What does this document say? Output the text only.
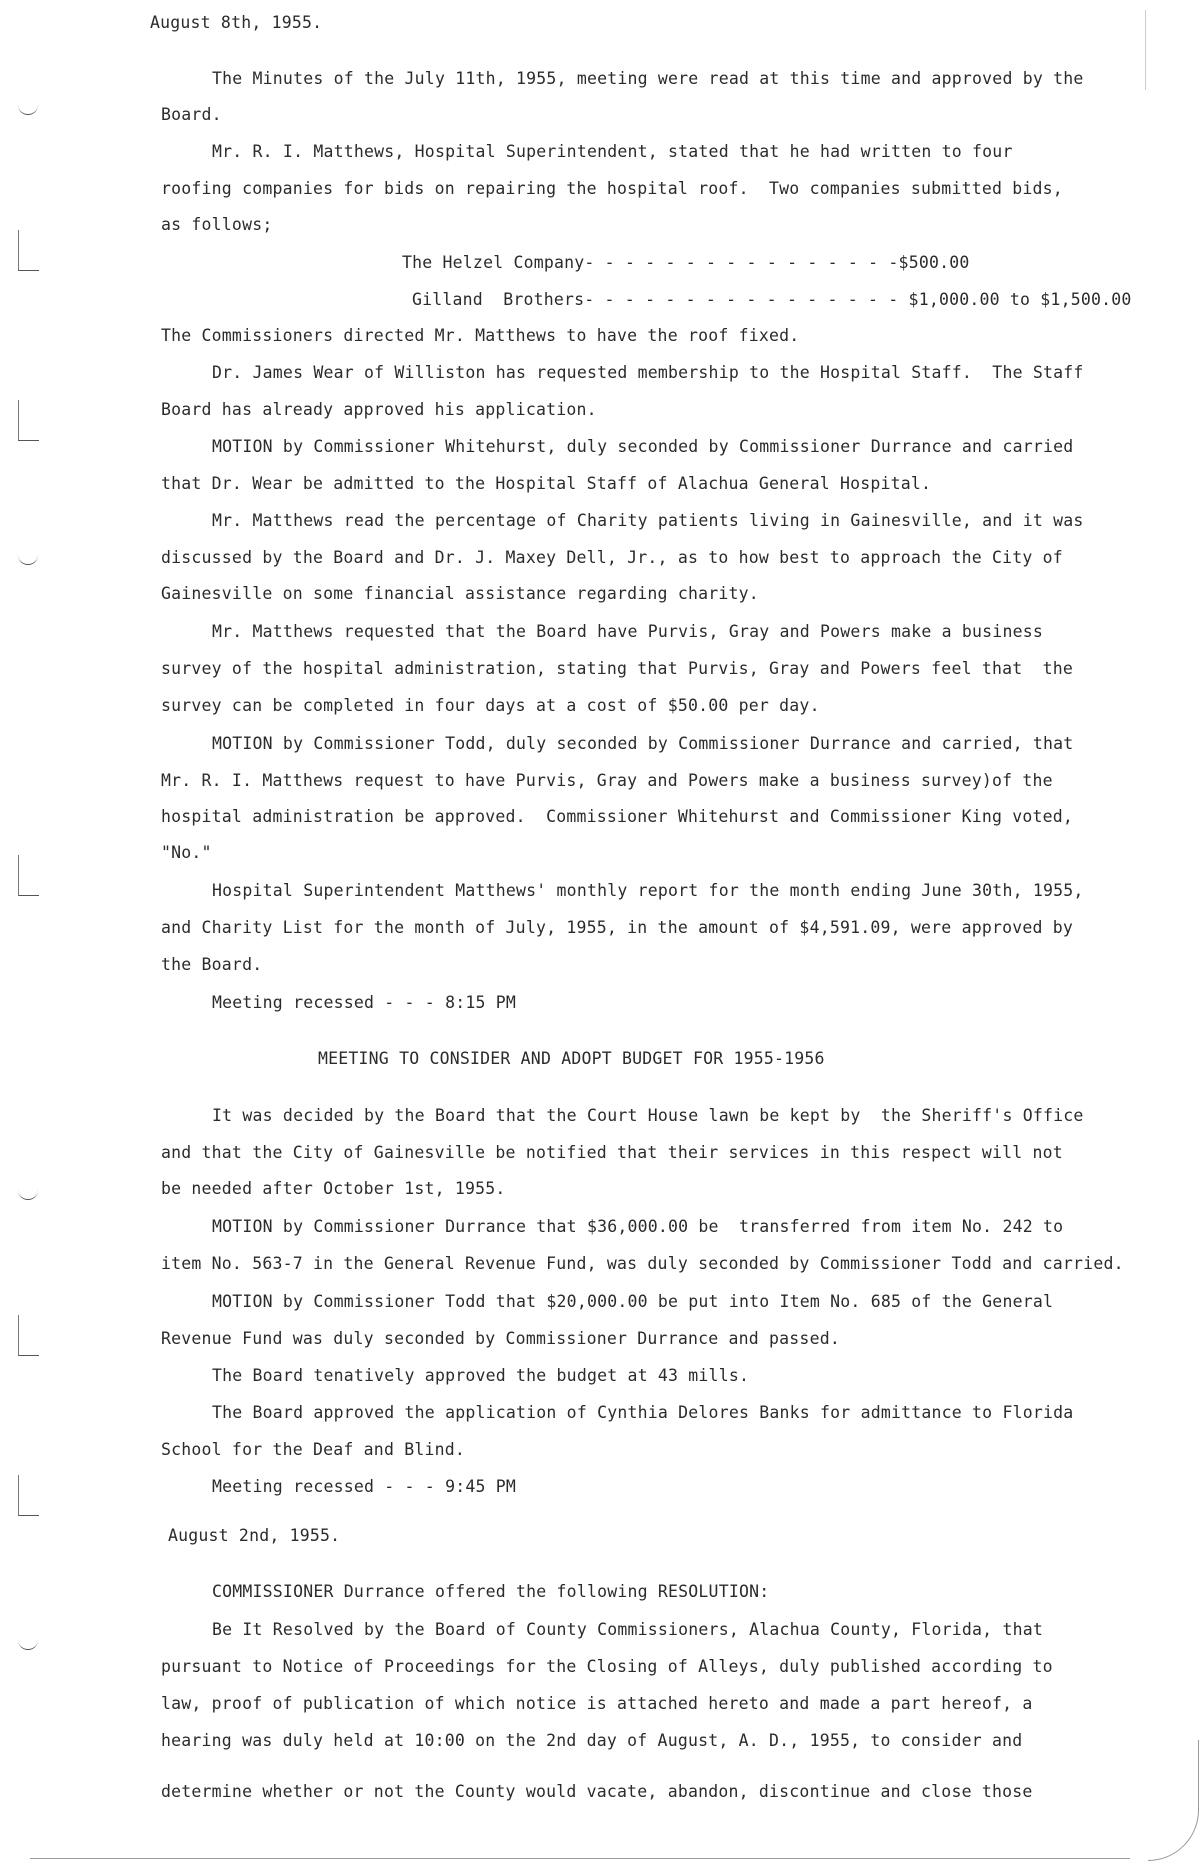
August 8th, 1955.
The Minutes of the July 11th, 1955, meeting were read at this time and approved by the
Board.
Mr. R. I. Matthews, Hospital Superintendent, stated that he had written to four
roofing companies for bids on repairing the hospital roof.  Two companies submitted bids,
as follows;
The Helzel Company- - - - - - - - - - - - - - - -$500.00
Gilland  Brothers- - - - - - - - - - - - - - - - $1,000.00 to $1,500.00
The Commissioners directed Mr. Matthews to have the roof fixed.
Dr. James Wear of Williston has requested membership to the Hospital Staff.  The Staff
Board has already approved his application.
MOTION by Commissioner Whitehurst, duly seconded by Commissioner Durrance and carried
that Dr. Wear be admitted to the Hospital Staff of Alachua General Hospital.
Mr. Matthews read the percentage of Charity patients living in Gainesville, and it was
discussed by the Board and Dr. J. Maxey Dell, Jr., as to how best to approach the City of
Gainesville on some financial assistance regarding charity.
Mr. Matthews requested that the Board have Purvis, Gray and Powers make a business
survey of the hospital administration, stating that Purvis, Gray and Powers feel that  the
survey can be completed in four days at a cost of $50.00 per day.
MOTION by Commissioner Todd, duly seconded by Commissioner Durrance and carried, that
Mr. R. I. Matthews request to have Purvis, Gray and Powers make a business survey)of the
hospital administration be approved.  Commissioner Whitehurst and Commissioner King voted,
"No."
Hospital Superintendent Matthews' monthly report for the month ending June 30th, 1955,
and Charity List for the month of July, 1955, in the amount of $4,591.09, were approved by
the Board.
Meeting recessed - - - 8:15 PM
MEETING TO CONSIDER AND ADOPT BUDGET FOR 1955-1956
It was decided by the Board that the Court House lawn be kept by  the Sheriff's Office
and that the City of Gainesville be notified that their services in this respect will not
be needed after October 1st, 1955.
MOTION by Commissioner Durrance that $36,000.00 be  transferred from item No. 242 to
item No. 563-7 in the General Revenue Fund, was duly seconded by Commissioner Todd and carried.
MOTION by Commissioner Todd that $20,000.00 be put into Item No. 685 of the General
Revenue Fund was duly seconded by Commissioner Durrance and passed.
The Board tenatively approved the budget at 43 mills.
The Board approved the application of Cynthia Delores Banks for admittance to Florida
School for the Deaf and Blind.
Meeting recessed - - - 9:45 PM
August 2nd, 1955.
COMMISSIONER Durrance offered the following RESOLUTION:
Be It Resolved by the Board of County Commissioners, Alachua County, Florida, that
pursuant to Notice of Proceedings for the Closing of Alleys, duly published according to
law, proof of publication of which notice is attached hereto and made a part hereof, a
hearing was duly held at 10:00 on the 2nd day of August, A. D., 1955, to consider and
determine whether or not the County would vacate, abandon, discontinue and close those
